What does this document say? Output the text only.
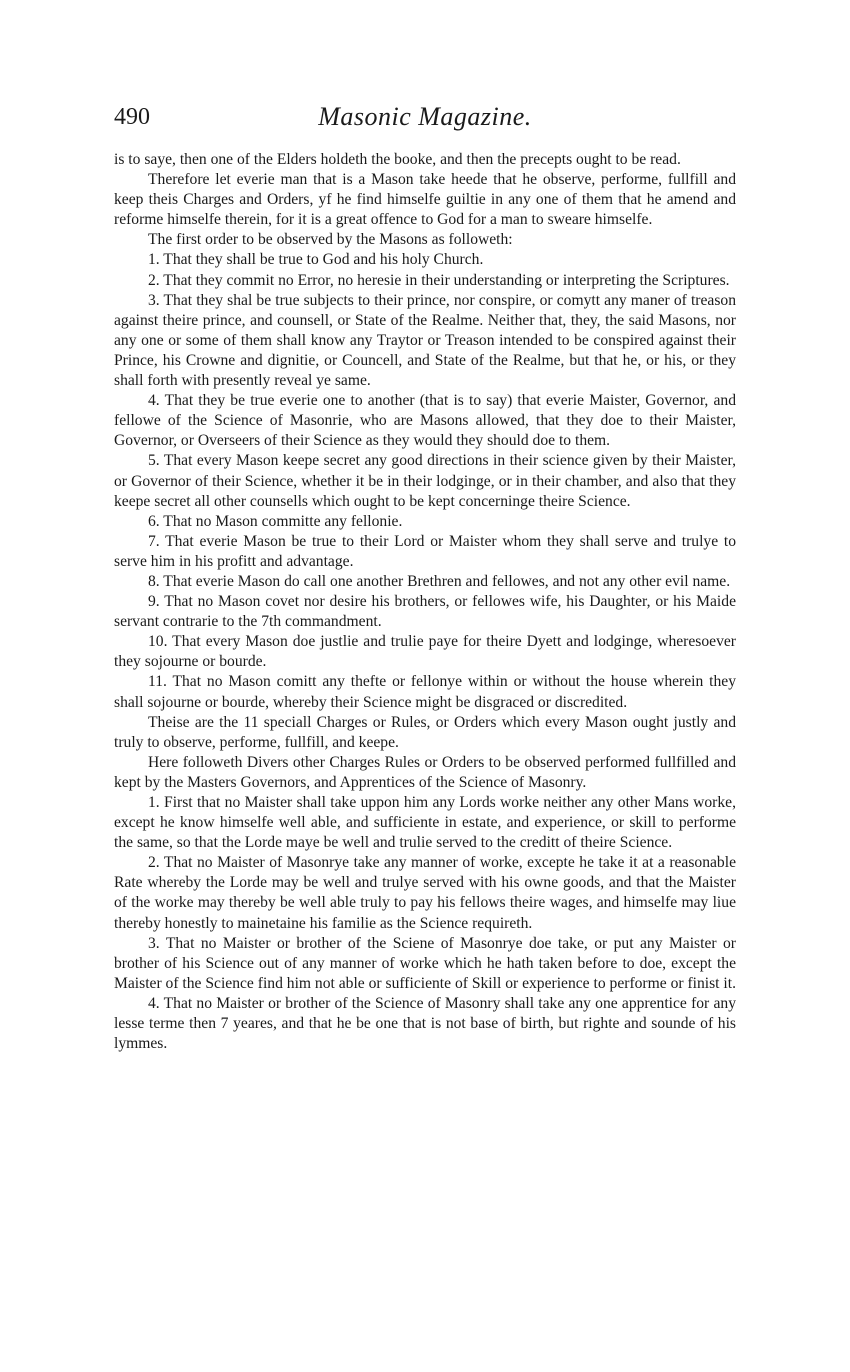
490	Masonic Magazine.

is to saye, then one of the Elders holdeth the booke, and then the precepts ought to be read.

Therefore let everie man that is a Mason take heede that he observe, performe, fullfill and keep theis Charges and Orders, yf he find himselfe guiltie in any one of them that he amend and reforme himselfe therein, for it is a great offence to God for a man to sweare himselfe.

The first order to be observed by the Masons as followeth:

1. That they shall be true to God and his holy Church.

2. That they commit no Error, no heresie in their understanding or interpreting the Scriptures.

3. That they shal be true subjects to their prince, nor conspire, or comytt any maner of treason against theire prince, and counsell, or State of the Realme. Neither that, they, the said Masons, nor any one or some of them shall know any Traytor or Treason intended to be conspired against their Prince, his Crowne and dignitie, or Councell, and State of the Realme, but that he, or his, or they shall forth with presently reveal ye same.

4. That they be true everie one to another (that is to say) that everie Maister, Governor, and fellowe of the Science of Masonrie, who are Masons allowed, that they doe to their Maister, Governor, or Overseers of their Science as they would they should doe to them.

5. That every Mason keepe secret any good directions in their science given by their Maister, or Governor of their Science, whether it be in their lodginge, or in their chamber, and also that they keepe secret all other counsells which ought to be kept concerninge theire Science.

6. That no Mason committe any fellonie.

7. That everie Mason be true to their Lord or Maister whom they shall serve and trulye to serve him in his profitt and advantage.

8. That everie Mason do call one another Brethren and fellowes, and not any other evil name.

9. That no Mason covet nor desire his brothers, or fellowes wife, his Daughter, or his Maide servant contrarie to the 7th commandment.

10. That every Mason doe justlie and trulie paye for theire Dyett and lodginge, wheresoever they sojourne or bourde.

11. That no Mason comitt any thefte or fellonye within or without the house wherein they shall sojourne or bourde, whereby their Science might be disgraced or discredited.

Theise are the 11 speciall Charges or Rules, or Orders which every Mason ought justly and truly to observe, performe, fullfill, and keepe.

Here followeth Divers other Charges Rules or Orders to be observed performed fullfilled and kept by the Masters Governors, and Apprentices of the Science of Masonry.

1. First that no Maister shall take uppon him any Lords worke neither any other Mans worke, except he know himselfe well able, and sufficiente in estate, and experience, or skill to performe the same, so that the Lorde maye be well and trulie served to the creditt of theire Science.

2. That no Maister of Masonrye take any manner of worke, excepte he take it at a reasonable Rate whereby the Lorde may be well and trulye served with his owne goods, and that the Maister of the worke may thereby be well able truly to pay his fellows theire wages, and himselfe may liue thereby honestly to mainetaine his familie as the Science requireth.

3. That no Maister or brother of the Sciene of Masonrye doe take, or put any Maister or brother of his Science out of any manner of worke which he hath taken before to doe, except the Maister of the Science find him not able or sufficiente of Skill or experience to performe or finist it.

4. That no Maister or brother of the Science of Masonry shall take any one apprentice for any lesse terme then 7 yeares, and that he be one that is not base of birth, but righte and sounde of his lymmes.
